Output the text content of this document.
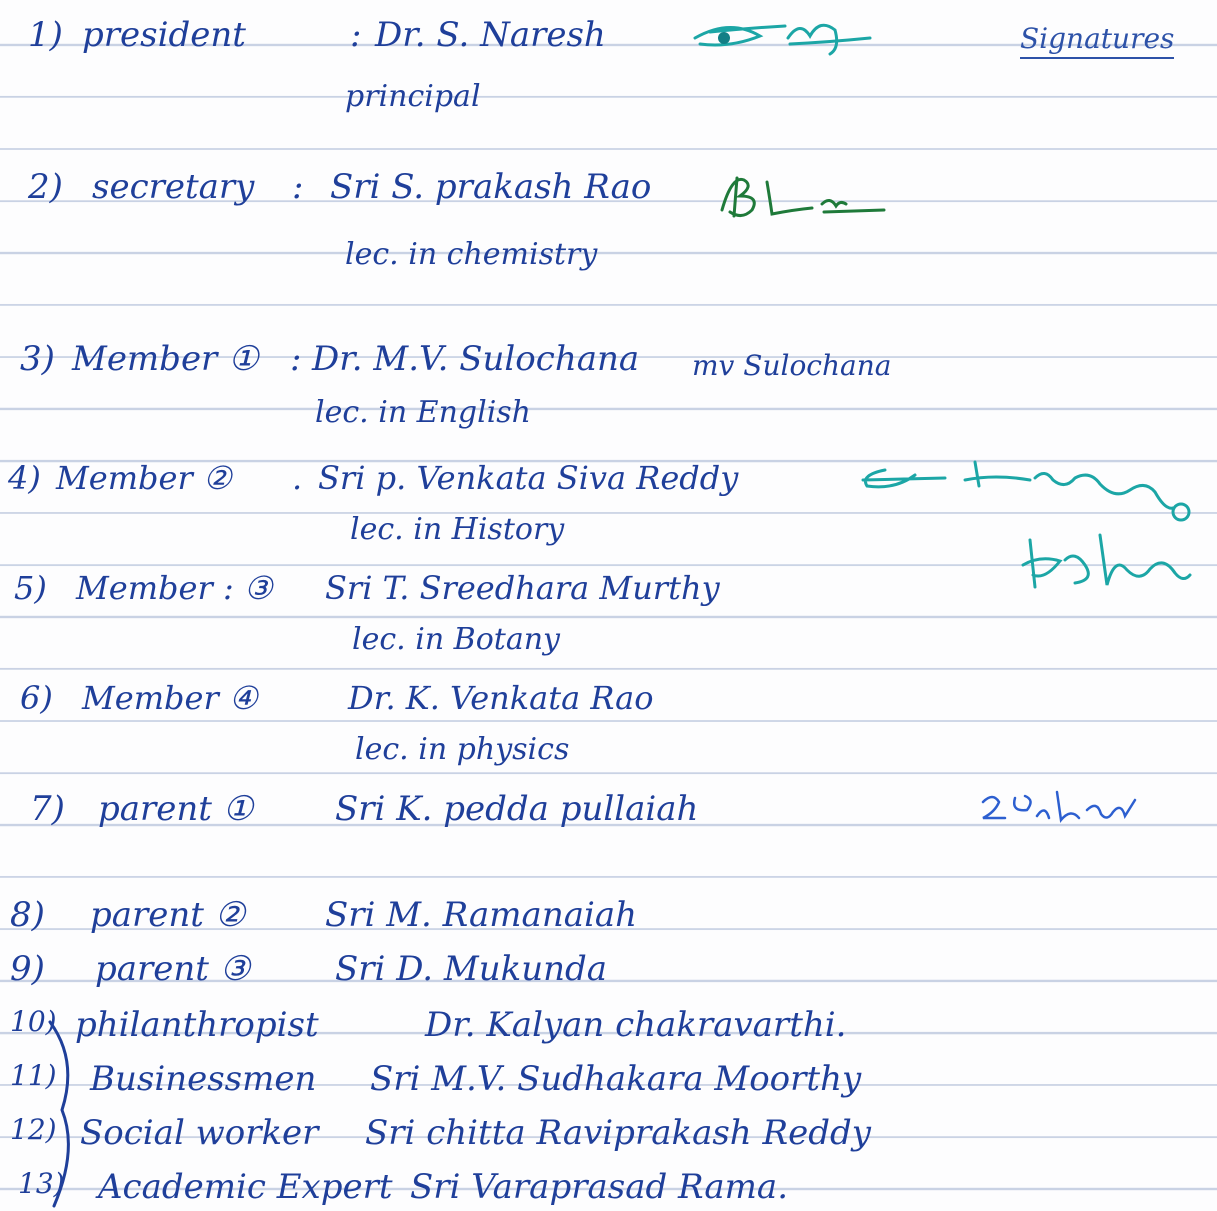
Signatures
1) president	: Dr. S. Naresh
principal
2) secretary : Sri S. prakash Rao
lec. in chemistry
3) Member ① : Dr. M.V. Sulochana
lec. in English
mv Sulochana
4) Member ② . Sri p. Venkata Siva Reddy
lec. in History
5) Member : ③ Sri T. Sreedhara Murthy
lec. in Botany
6) Member ④	Dr. K. Venkata Rao
lec. in physics
7) parent ① Sri K. pedda pullaiah
8) parent ② Sri M. Ramanaiah
9) parent ③ Sri D. Mukunda
10) philanthropist	Dr. Kalyan chakravarthi.
11) Businessmen Sri M.V. Sudhakara Moorthy
12) Social worker Sri chitta Raviprakash Reddy
13) Academic Expert Sri Varaprasad Rama.
